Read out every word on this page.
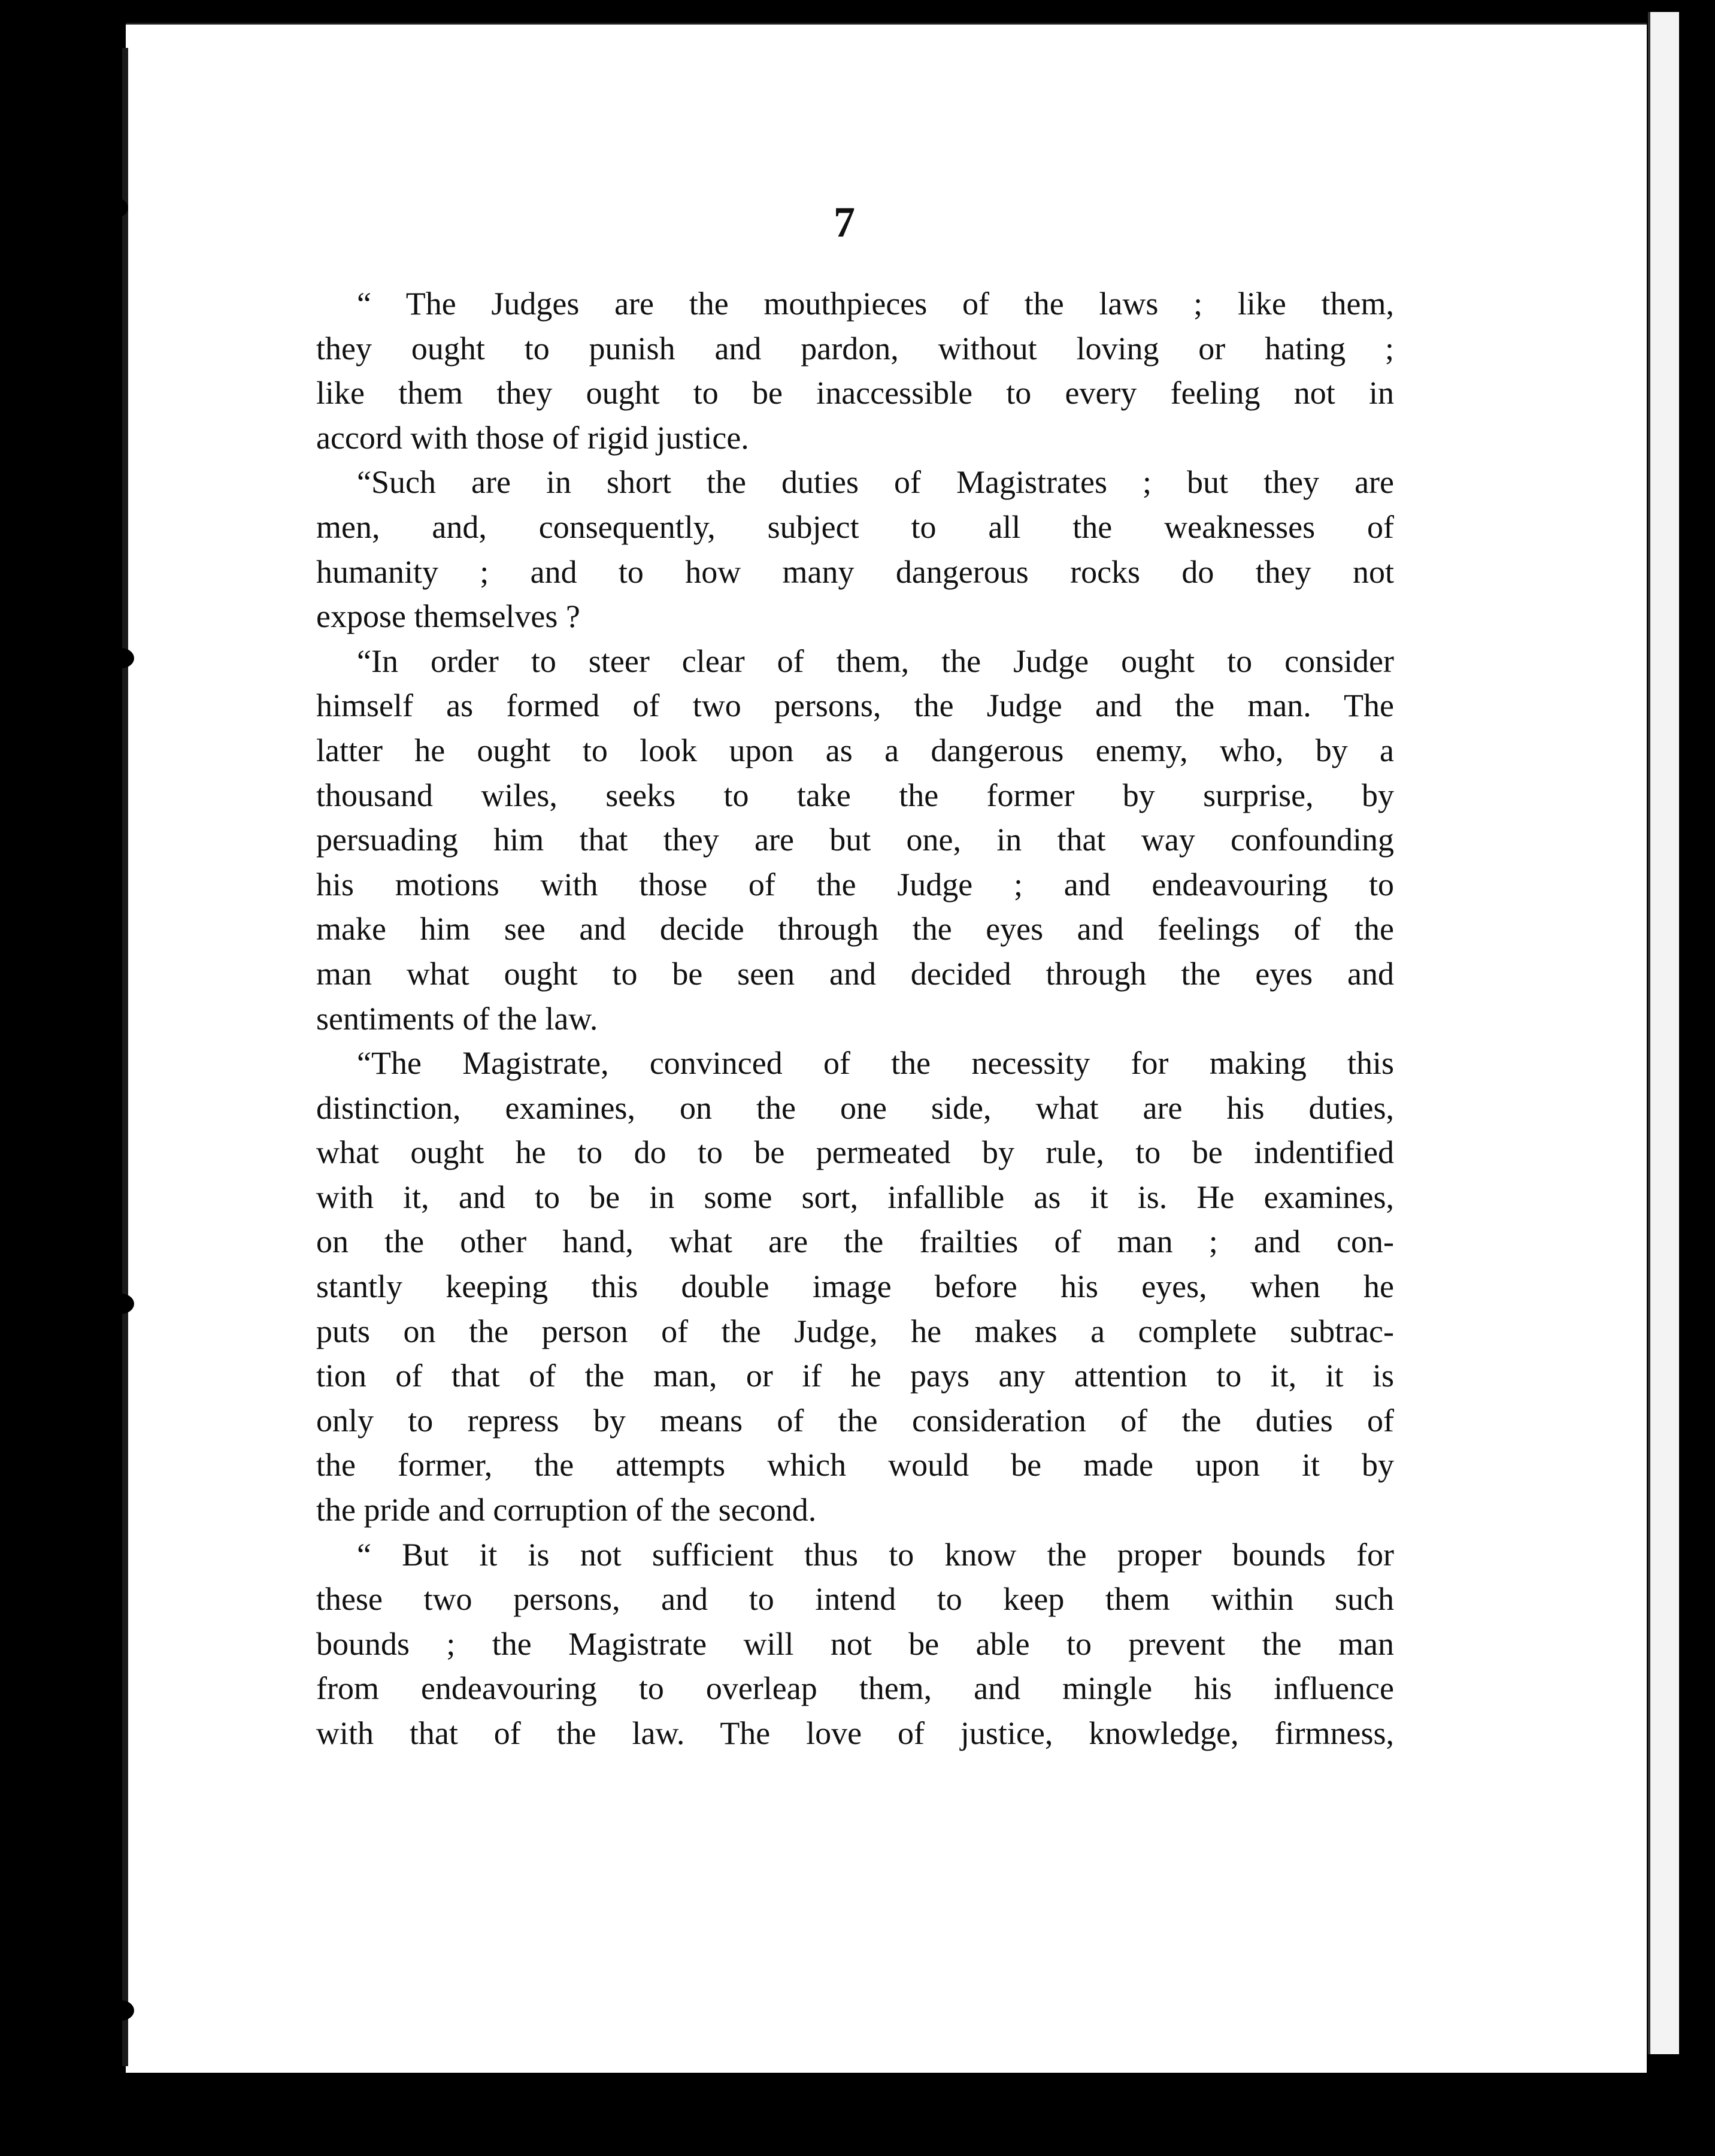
7

“ The Judges are the mouthpieces of the laws ; like them,
they ought to punish and pardon, without loving or hating ;
like them they ought to be inaccessible to every feeling not in
accord with those of rigid justice.

“Such are in short the duties of Magistrates ; but they are
men, and, consequently, subject to all the weaknesses of
humanity ; and to how many dangerous rocks do they not
expose themselves ?

“In order to steer clear of them, the Judge ought to consider
himself as formed of two persons, the Judge and the man. The
latter he ought to look upon as a dangerous enemy, who, by a
thousand wiles, seeks to take the former by surprise, by
persuading him that they are but one, in that way confounding
his motions with those of the Judge ; and endeavouring to
make him see and decide through the eyes and feelings of the
man what ought to be seen and decided through the eyes and
sentiments of the law.

“The Magistrate, convinced of the necessity for making this
distinction, examines, on the one side, what are his duties,
what ought he to do to be permeated by rule, to be indentified
with it, and to be in some sort, infallible as it is. He examines,
on the other hand, what are the frailties of man ; and con-
stantly keeping this double image before his eyes, when he
puts on the person of the Judge, he makes a complete subtrac-
tion of that of the man, or if he pays any attention to it, it is
only to repress by means of the consideration of the duties of
the former, the attempts which would be made upon it by
the pride and corruption of the second.

“ But it is not sufficient thus to know the proper bounds for
these two persons, and to intend to keep them within such
bounds ; the Magistrate will not be able to prevent the man
from endeavouring to overleap them, and mingle his influence
with that of the law. The love of justice, knowledge, firmness,
